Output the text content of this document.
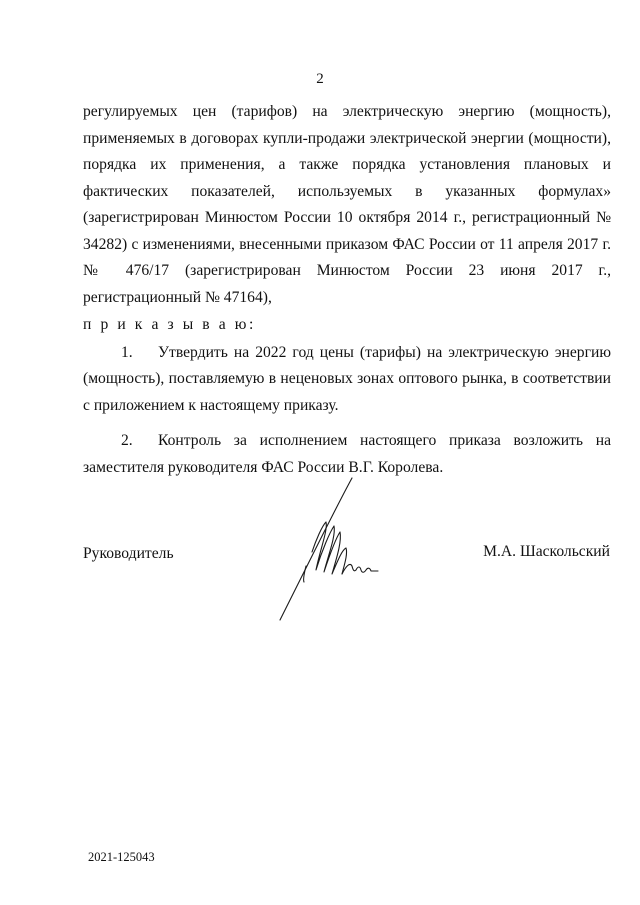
2

регулируемых цен (тарифов) на электрическую энергию (мощность), применяемых в договорах купли-продажи электрической энергии (мощности), порядка их применения, а также порядка установления плановых и фактических показателей, используемых в указанных формулах» (зарегистрирован Минюстом России 10 октября 2014 г., регистрационный № 34282) с изменениями, внесенными приказом ФАС России от 11 апреля 2017 г. № 476/17 (зарегистрирован Минюстом России 23 июня 2017 г., регистрационный № 47164),

п р и к а з ы в а ю:

1. Утвердить на 2022 год цены (тарифы) на электрическую энергию (мощность), поставляемую в неценовых зонах оптового рынка, в соответствии с приложением к настоящему приказу.

2. Контроль за исполнением настоящего приказа возложить на заместителя руководителя ФАС России В.Г. Королева.

Руководитель	М.А. Шаскольский
2021-125043
